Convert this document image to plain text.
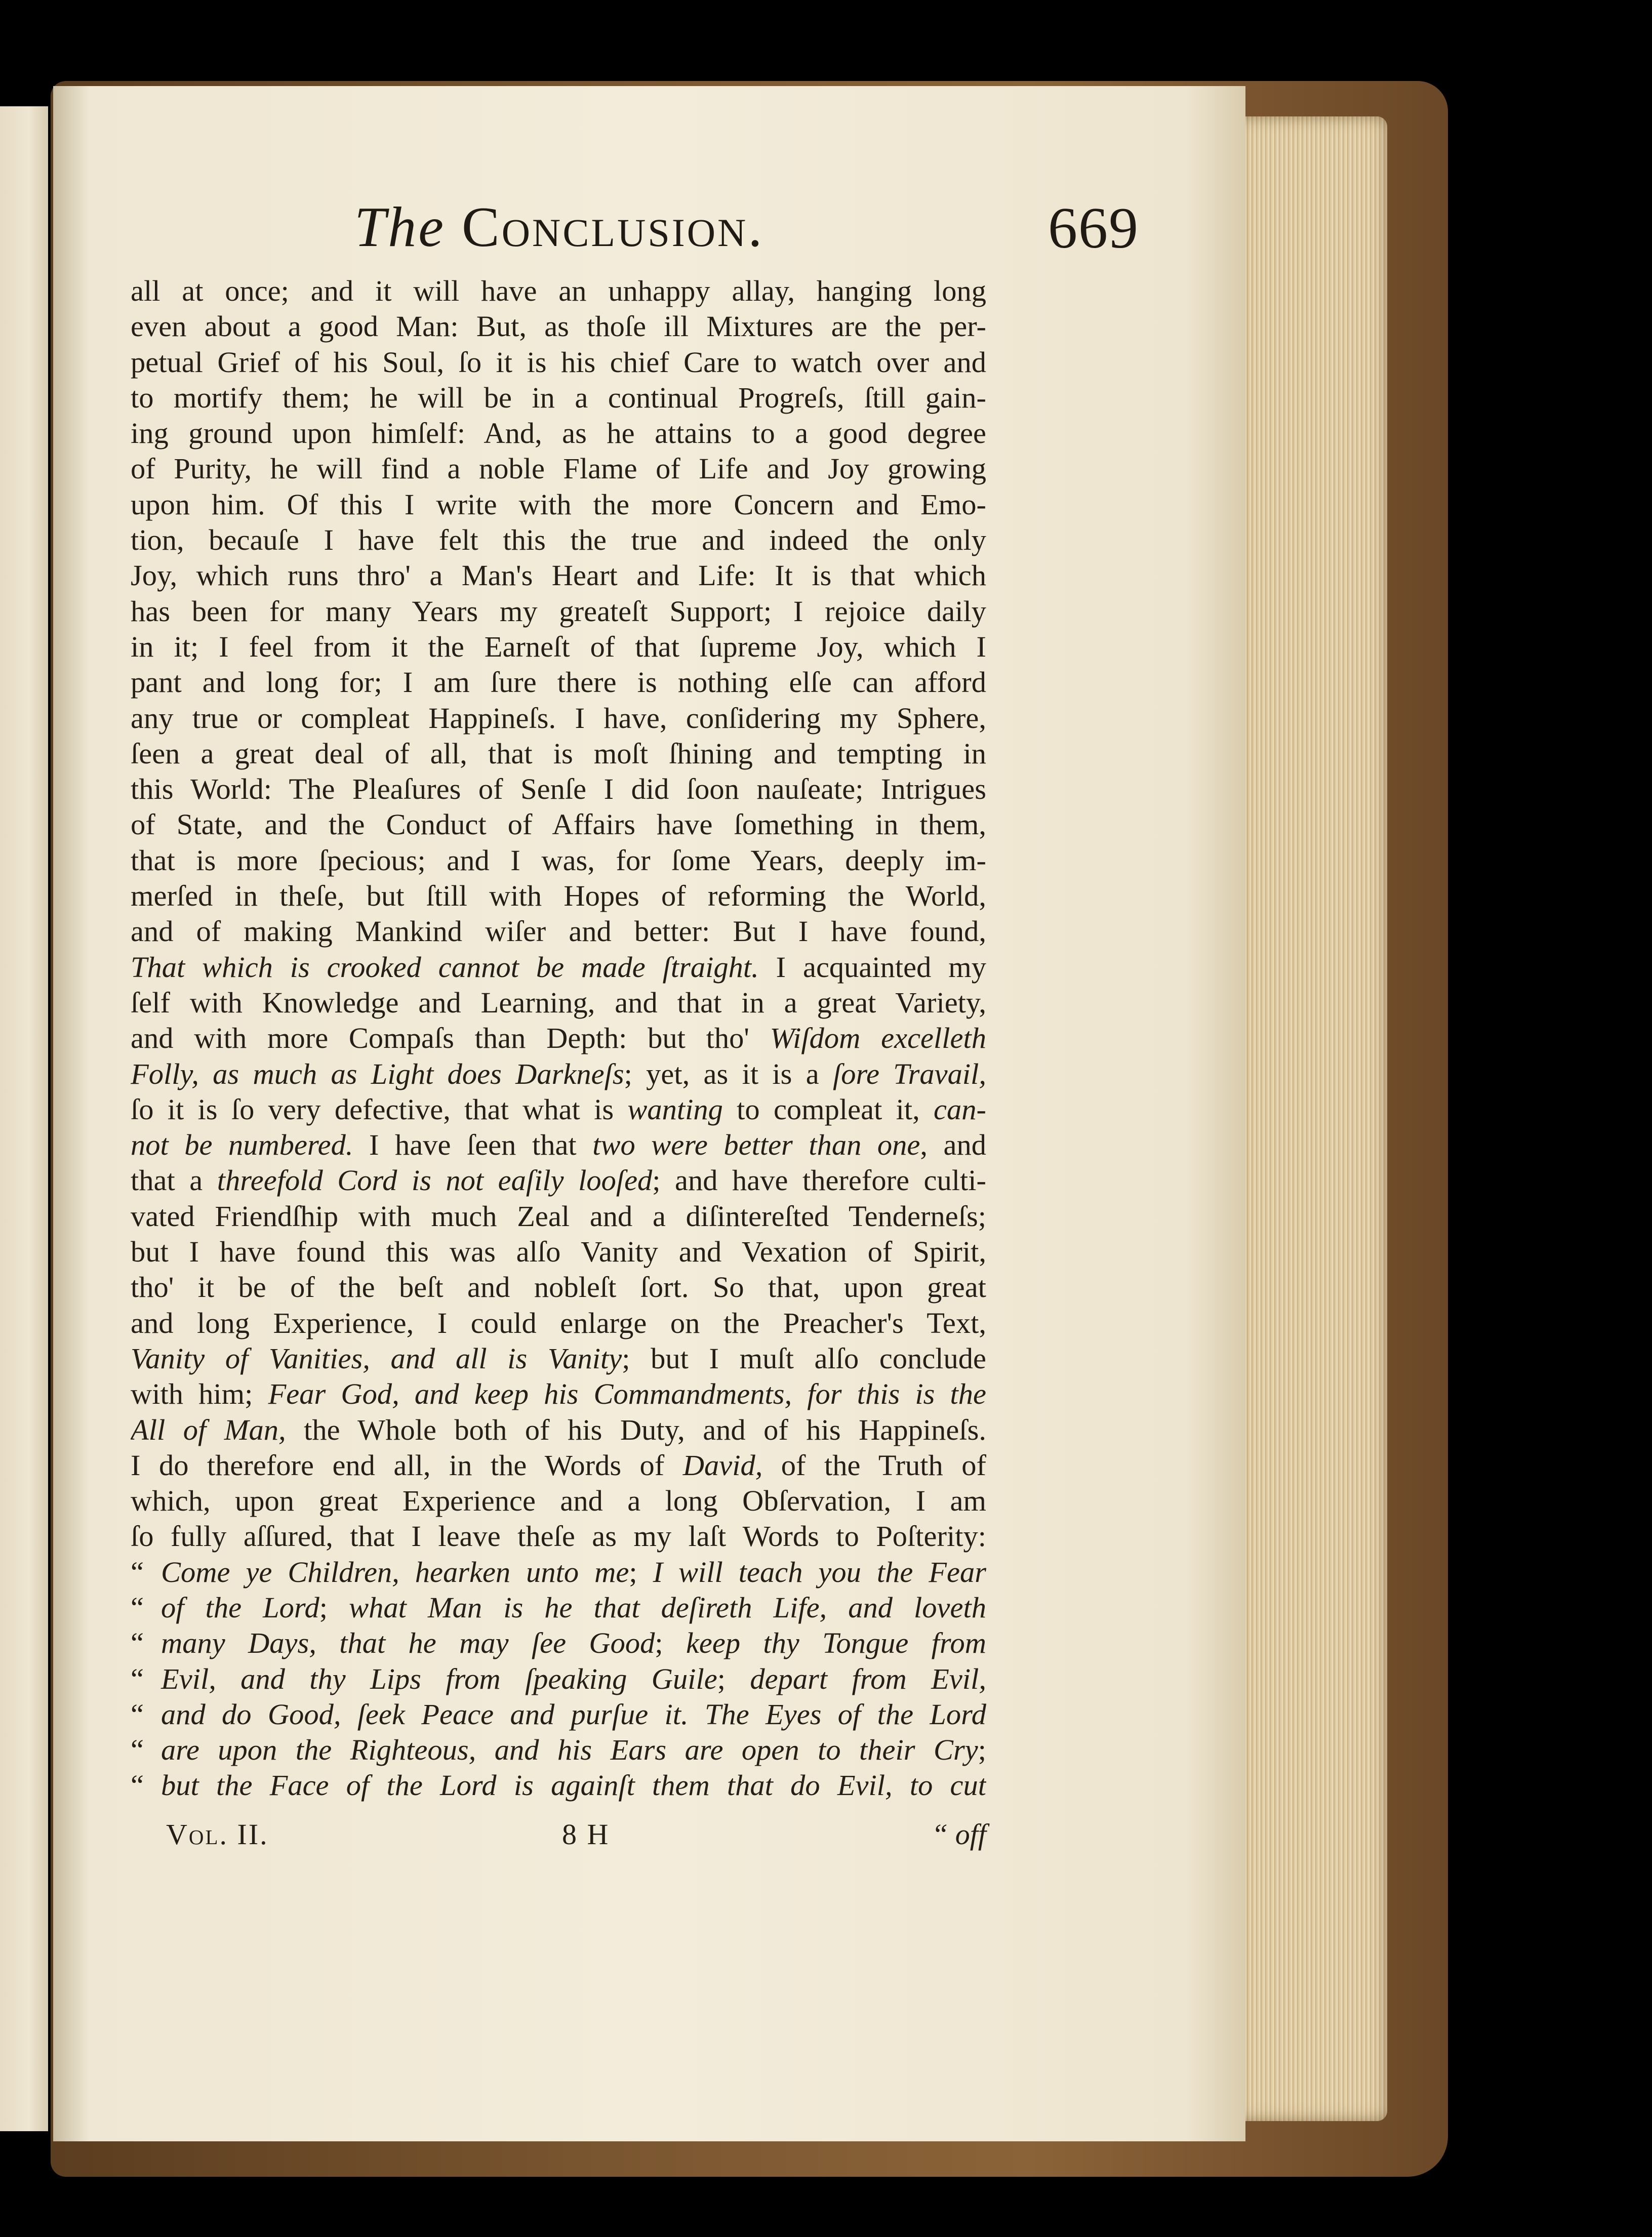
The Conclusion.	669
all at once; and it will have an unhappy allay, hanging long
even about a good Man: But, as thoſe ill Mixtures are the per-
petual Grief of his Soul, ſo it is his chief Care to watch over and
to mortify them; he will be in a continual Progreſs, ſtill gain-
ing ground upon himſelf: And, as he attains to a good degree
of Purity, he will find a noble Flame of Life and Joy growing
upon him. Of this I write with the more Concern and Emo-
tion, becauſe I have felt this the true and indeed the only
Joy, which runs thro' a Man's Heart and Life: It is that which
has been for many Years my greateſt Support; I rejoice daily
in it; I feel from it the Earneſt of that ſupreme Joy, which I
pant and long for; I am ſure there is nothing elſe can afford
any true or compleat Happineſs. I have, conſidering my Sphere,
ſeen a great deal of all, that is moſt ſhining and tempting in
this World: The Pleaſures of Senſe I did ſoon nauſeate; Intrigues
of State, and the Conduct of Affairs have ſomething in them,
that is more ſpecious; and I was, for ſome Years, deeply im-
merſed in theſe, but ſtill with Hopes of reforming the World,
and of making Mankind wiſer and better: But I have found,
That which is crooked cannot be made ſtraight. I acquainted my
ſelf with Knowledge and Learning, and that in a great Variety,
and with more Compaſs than Depth: but tho' Wiſdom excelleth
Folly, as much as Light does Darkneſs; yet, as it is a ſore Travail,
ſo it is ſo very defective, that what is wanting to compleat it, can-
not be numbered. I have ſeen that two were better than one, and
that a threefold Cord is not eaſily looſed; and have therefore culti-
vated Friendſhip with much Zeal and a diſintereſted Tenderneſs;
but I have found this was alſo Vanity and Vexation of Spirit,
tho' it be of the beſt and nobleſt ſort. So that, upon great
and long Experience, I could enlarge on the Preacher's Text,
Vanity of Vanities, and all is Vanity; but I muſt alſo conclude
with him; Fear God, and keep his Commandments, for this is the
All of Man, the Whole both of his Duty, and of his Happineſs.
I do therefore end all, in the Words of David, of the Truth of
which, upon great Experience and a long Obſervation, I am
ſo fully aſſured, that I leave theſe as my laſt Words to Poſterity:
“Come ye Children, hearken unto me; I will teach you the Fear
“of the Lord; what Man is he that deſireth Life, and loveth
“many Days, that he may ſee Good; keep thy Tongue from
“Evil, and thy Lips from ſpeaking Guile; depart from Evil,
“and do Good, ſeek Peace and purſue it. The Eyes of the Lord
“are upon the Righteous, and his Ears are open to their Cry;
“but the Face of the Lord is againſt them that do Evil, to cut
Vol. II.	8 H	“ off
